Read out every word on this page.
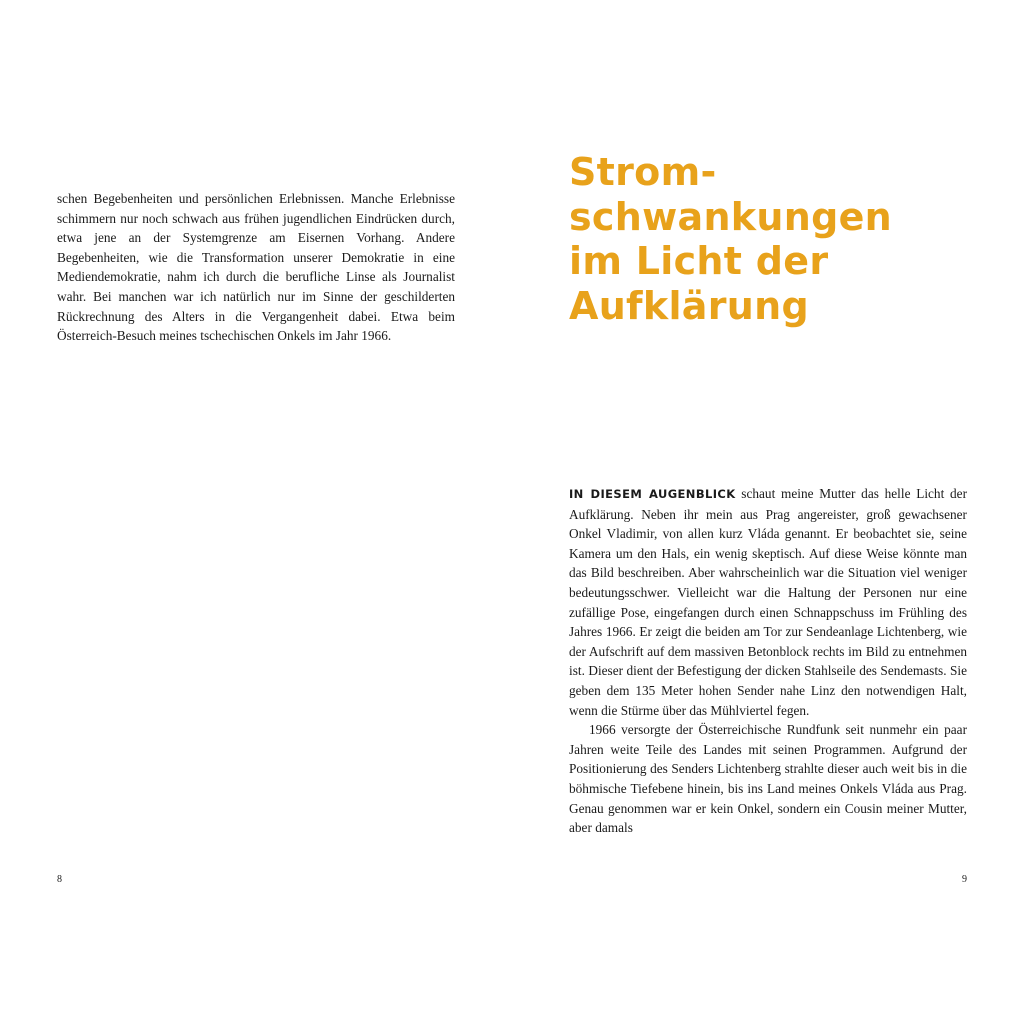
schen Begebenheiten und persönlichen Erlebnissen. Manche Erlebnisse schimmern nur noch schwach aus frühen jugendlichen Eindrücken durch, etwa jene an der Systemgrenze am Eisernen Vorhang. Andere Begebenheiten, wie die Transformation unserer Demokratie in eine Mediendemokratie, nahm ich durch die berufliche Linse als Journalist wahr. Bei manchen war ich natürlich nur im Sinne der geschilderten Rückrechnung des Alters in die Vergangenheit dabei. Etwa beim Österreich-Besuch meines tschechischen Onkels im Jahr 1966.

8
Strom-
schwankungen
im Licht der
Aufklärung

IN DIESEM AUGENBLICK schaut meine Mutter das helle Licht der Aufklärung. Neben ihr mein aus Prag angereister, groß gewachsener Onkel Vladimir, von allen kurz Vláda genannt. Er beobachtet sie, seine Kamera um den Hals, ein wenig skeptisch. Auf diese Weise könnte man das Bild beschreiben. Aber wahrscheinlich war die Situation viel weniger bedeutungsschwer. Vielleicht war die Haltung der Personen nur eine zufällige Pose, eingefangen durch einen Schnappschuss im Frühling des Jahres 1966. Er zeigt die beiden am Tor zur Sendeanlage Lichtenberg, wie der Aufschrift auf dem massiven Betonblock rechts im Bild zu entnehmen ist. Dieser dient der Befestigung der dicken Stahlseile des Sendemasts. Sie geben dem 135 Meter hohen Sender nahe Linz den notwendigen Halt, wenn die Stürme über das Mühlviertel fegen.

1966 versorgte der Österreichische Rundfunk seit nunmehr ein paar Jahren weite Teile des Landes mit seinen Programmen. Aufgrund der Positionierung des Senders Lichtenberg strahlte dieser auch weit bis in die böhmische Tiefebene hinein, bis ins Land meines Onkels Vláda aus Prag. Genau genommen war er kein Onkel, sondern ein Cousin meiner Mutter, aber damals

9
